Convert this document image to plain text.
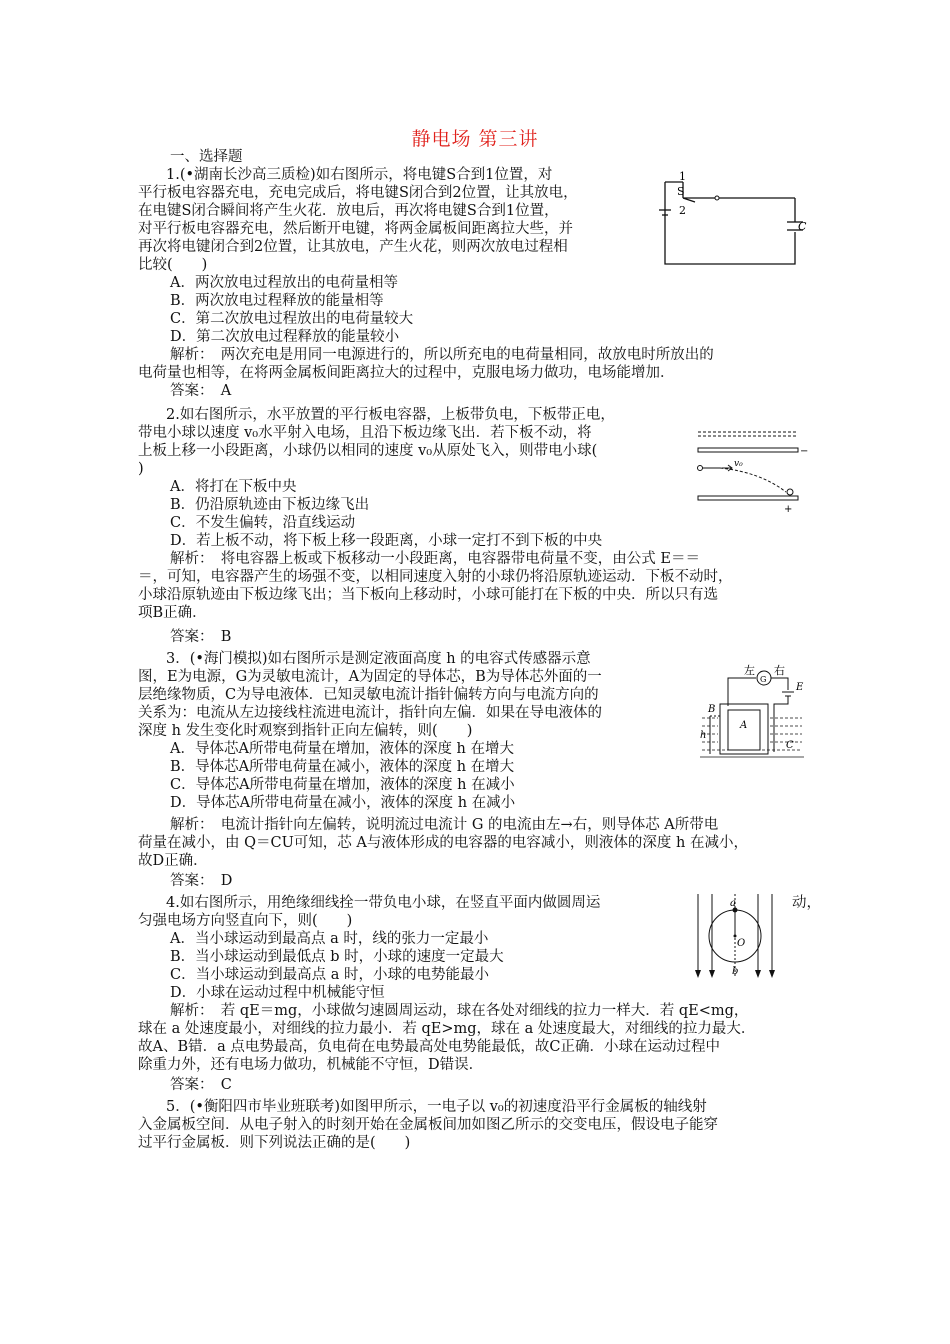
静电场 第三讲
一、选择题
1.(•湖南长沙高三质检)如右图所示，将电键S合到1位置，对
平行板电容器充电，充电完成后，将电键S闭合到2位置，让其放电，
在电键S闭合瞬间将产生火花．放电后，再次将电键S合到1位置，
对平行板电容器充电，然后断开电键，将两金属板间距离拉大些，并
再次将电键闭合到2位置，让其放电，产生火花，则两次放电过程相
比较(　　)
A．两次放电过程放出的电荷量相等
B．两次放电过程释放的能量相等
C．第二次放电过程放出的电荷量较大
D．第二次放电过程释放的能量较小
解析：　两次充电是用同一电源进行的，所以所充电的电荷量相同，故放电时所放出的
电荷量也相等，在将两金属板间距离拉大的过程中，克服电场力做功，电场能增加．
答案：　A
1
S
2
C
2.如右图所示，水平放置的平行板电容器，上板带负电，下板带正电，
带电小球以速度 v₀水平射入电场，且沿下板边缘飞出．若下板不动，将
上板上移一小段距离，小球仍以相同的速度 v₀从原处飞入，则带电小球(
)
A．将打在下板中央
B．仍沿原轨迹由下板边缘飞出
C．不发生偏转，沿直线运动
D．若上板不动，将下板上移一段距离，小球一定打不到下板的中央
解析：　将电容器上板或下板移动一小段距离，电容器带电荷量不变，由公式 E＝＝
＝，可知，电容器产生的场强不变，以相同速度入射的小球仍将沿原轨迹运动．下板不动时，
小球沿原轨迹由下板边缘飞出；当下板向上移动时，小球可能打在下板的中央．所以只有选
项B正确．
答案：　B
−
v₀
+
3．(•海门模拟)如右图所示是测定液面高度 h 的电容式传感器示意
图，E为电源，G为灵敏电流计，A为固定的导体芯，B为导体芯外面的一
层绝缘物质，C为导电液体．已知灵敏电流计指针偏转方向与电流方向的
关系为：电流从左边接线柱流进电流计，指针向左偏．如果在导电液体的
深度 h 发生变化时观察到指针正向左偏转，则(　　)
A．导体芯A所带电荷量在增加，液体的深度 h 在增大
B．导体芯A所带电荷量在减小，液体的深度 h 在增大
C．导体芯A所带电荷量在增加，液体的深度 h 在减小
D．导体芯A所带电荷量在减小，液体的深度 h 在减小
解析：　电流计指针向左偏转，说明流过电流计 G 的电流由左→右，则导体芯 A所带电
荷量在减小，由 Q＝CU可知，芯 A与液体形成的电容器的电容减小，则液体的深度 h 在减小，
故D正确．
答案：　D
左
G
右
E
B
A
h
C
4.如右图所示，用绝缘细线拴一带负电小球，在竖直平面内做圆周运	动，
匀强电场方向竖直向下，则(　　)
A．当小球运动到最高点 a 时，线的张力一定最小
B．当小球运动到最低点 b 时，小球的速度一定最大
C．当小球运动到最高点 a 时，小球的电势能最小
D．小球在运动过程中机械能守恒
解析：　若 qE＝mg，小球做匀速圆周运动，球在各处对细线的拉力一样大．若 qE<mg，
球在 a 处速度最小，对细线的拉力最小．若 qE>mg，球在 a 处速度最大，对细线的拉力最大．
故A、B错．a 点电势最高，负电荷在电势最高处电势能最低，故C正确．小球在运动过程中
除重力外，还有电场力做功，机械能不守恒，D错误．
答案：　C
a
O
b
5．(•衡阳四市毕业班联考)如图甲所示，一电子以 v₀的初速度沿平行金属板的轴线射
入金属板空间．从电子射入的时刻开始在金属板间加如图乙所示的交变电压，假设电子能穿
过平行金属板．则下列说法正确的是(　　)
